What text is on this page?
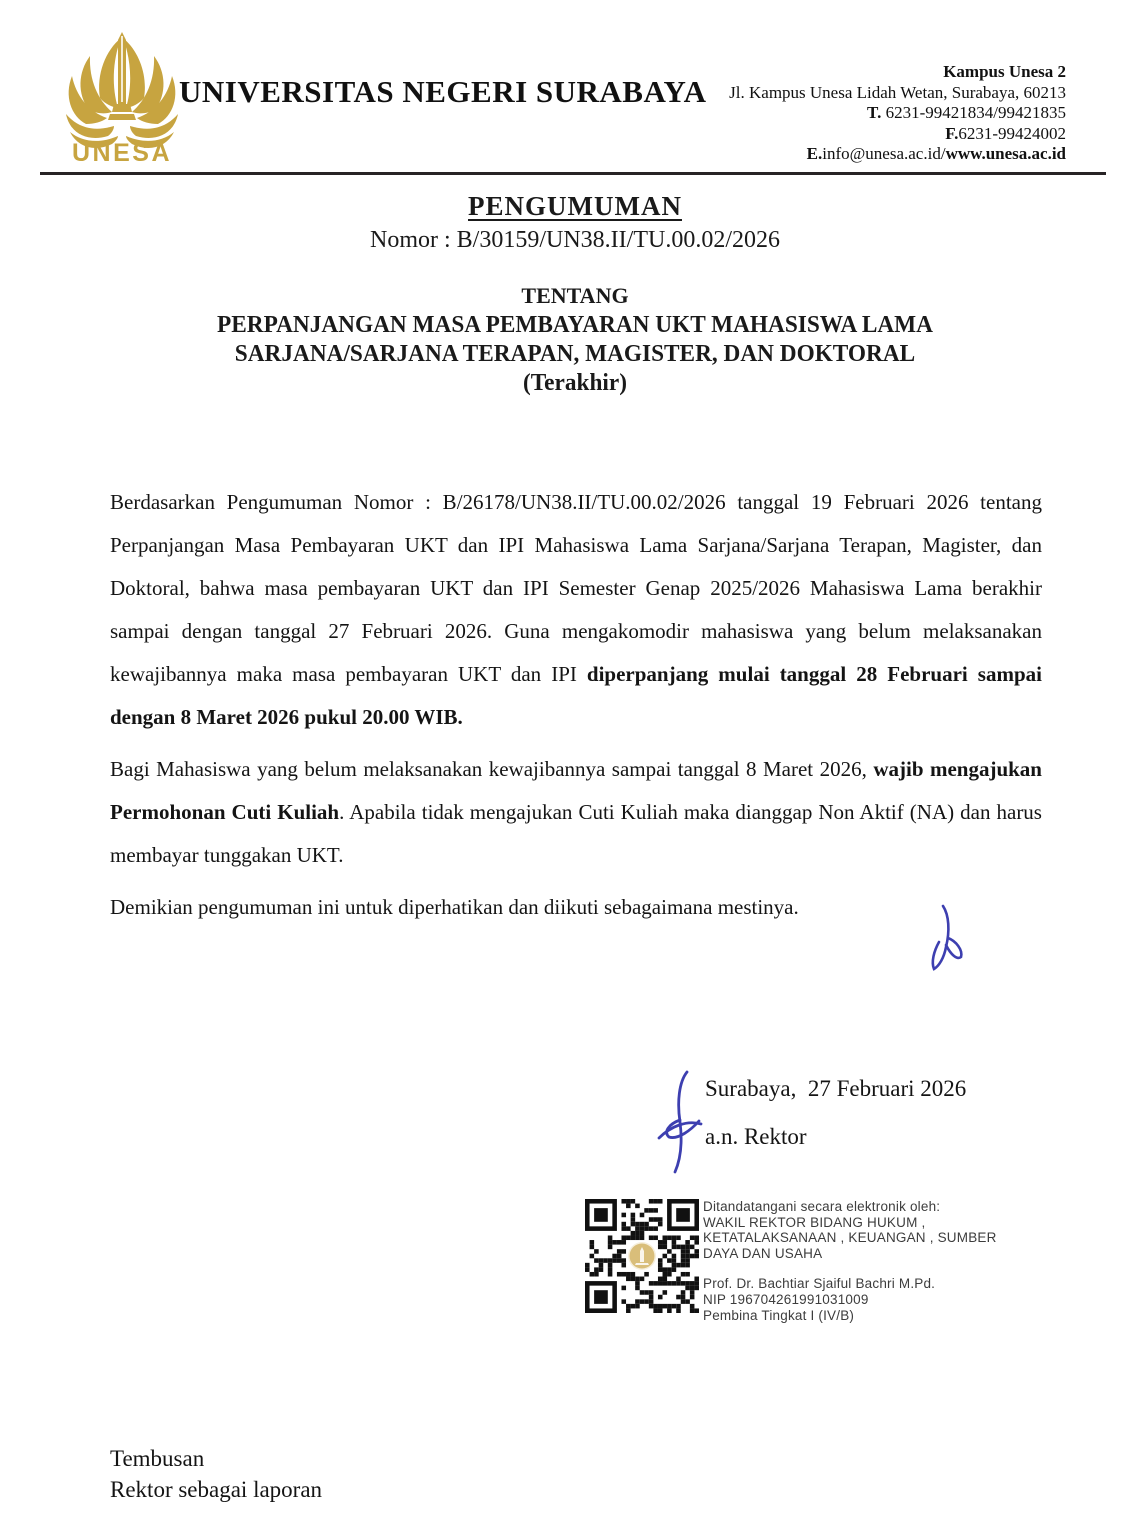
UNESA
UNIVERSITAS NEGERI SURABAYA
Kampus Unesa 2
Jl. Kampus Unesa Lidah Wetan, Surabaya, 60213
T. 6231-99421834/99421835
F.6231-99424002
E.info@unesa.ac.id/www.unesa.ac.id
PENGUMUMAN
Nomor : B/30159/UN38.II/TU.00.02/2026
TENTANG
PERPANJANGAN MASA PEMBAYARAN UKT MAHASISWA LAMA
SARJANA/SARJANA TERAPAN, MAGISTER, DAN DOKTORAL
(Terakhir)

Berdasarkan Pengumuman Nomor : B/26178/UN38.II/TU.00.02/2026 tanggal 19 Februari 2026 tentang Perpanjangan Masa Pembayaran UKT dan IPI Mahasiswa Lama Sarjana/Sarjana Terapan, Magister, dan Doktoral, bahwa masa pembayaran UKT dan IPI Semester Genap 2025/2026 Mahasiswa Lama berakhir sampai dengan tanggal 27 Februari 2026. Guna mengakomodir mahasiswa yang belum melaksanakan kewajibannya maka masa pembayaran UKT dan IPI diperpanjang mulai tanggal 28 Februari sampai dengan 8 Maret 2026 pukul 20.00 WIB.

Bagi Mahasiswa yang belum melaksanakan kewajibannya sampai tanggal 8 Maret 2026, wajib mengajukan Permohonan Cuti Kuliah. Apabila tidak mengajukan Cuti Kuliah maka dianggap Non Aktif (NA) dan harus membayar tunggakan UKT.

Demikian pengumuman ini untuk diperhatikan dan diikuti sebagaimana mestinya.

Surabaya,  27 Februari 2026
a.n. Rektor
Ditandatangani secara elektronik oleh:
WAKIL REKTOR BIDANG HUKUM ,
KETATALAKSANAAN , KEUANGAN , SUMBER
DAYA DAN USAHA
Prof. Dr. Bachtiar Sjaiful Bachri M.Pd.
NIP 196704261991031009
Pembina Tingkat I (IV/B)
Tembusan
Rektor sebagai laporan
